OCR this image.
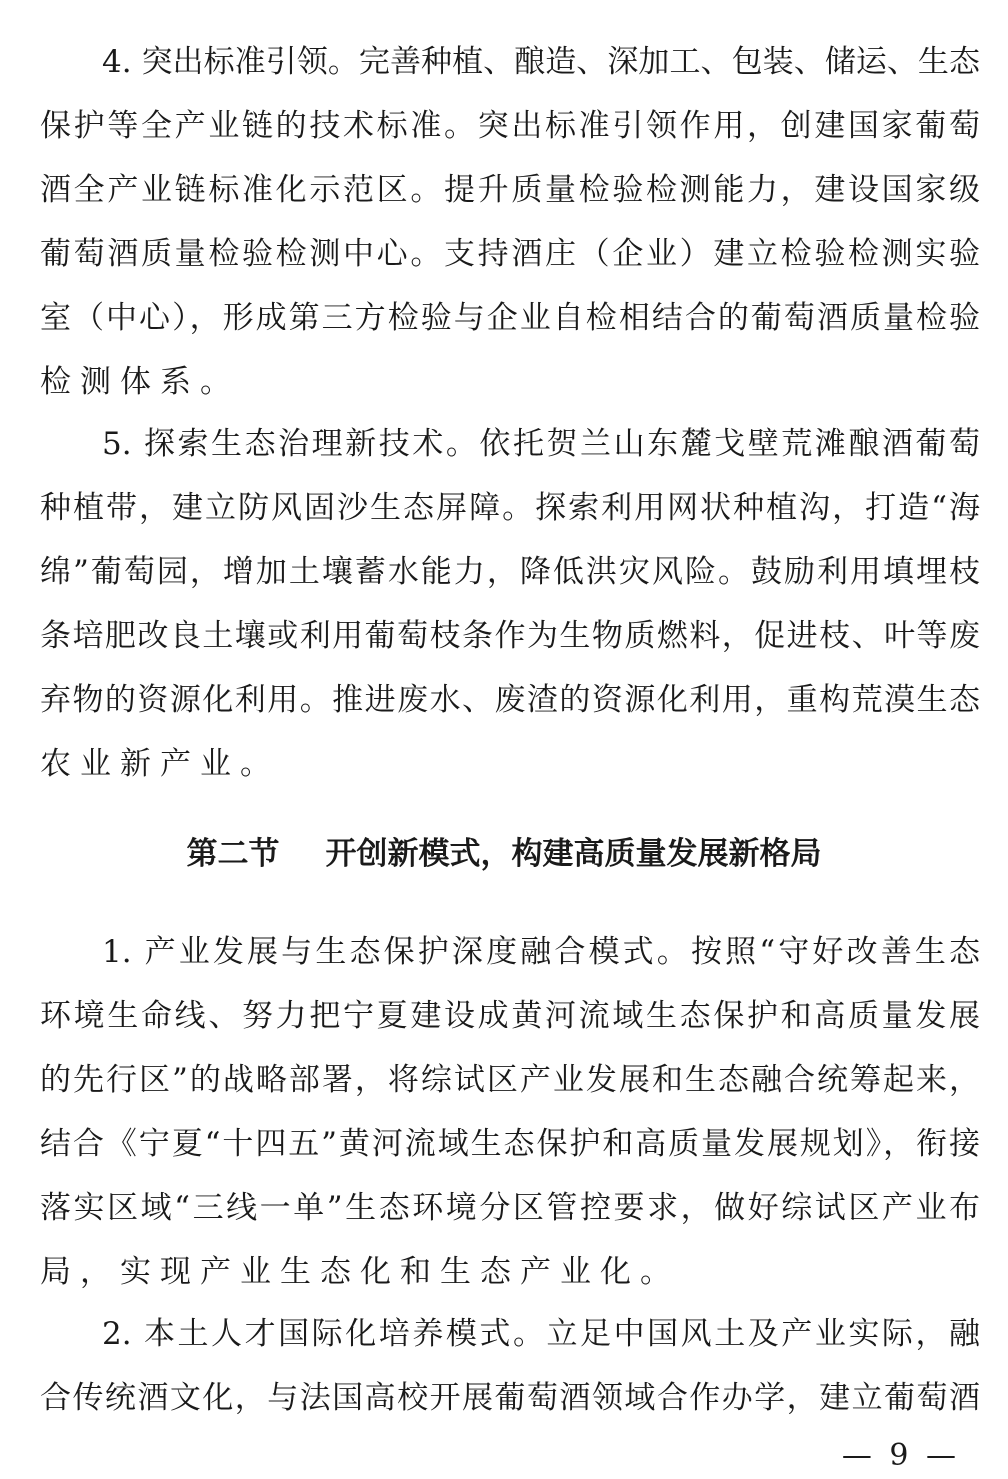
4. 突出标准引领。完善种植、酿造、深加工、包装、储运、生态
保护等全产业链的技术标准。突出标准引领作用，创建国家葡萄
酒全产业链标准化示范区。提升质量检验检测能力，建设国家级
葡萄酒质量检验检测中心。支持酒庄（企业）建立检验检测实验
室（中心），形成第三方检验与企业自检相结合的葡萄酒质量检验
检测体系。
5. 探索生态治理新技术。依托贺兰山东麓戈壁荒滩酿酒葡萄
种植带，建立防风固沙生态屏障。探索利用网状种植沟，打造“海
绵”葡萄园，增加土壤蓄水能力，降低洪灾风险。鼓励利用填埋枝
条培肥改良土壤或利用葡萄枝条作为生物质燃料，促进枝、叶等废
弃物的资源化利用。推进废水、废渣的资源化利用，重构荒漠生态
农业新产业。
第二节 开创新模式，构建高质量发展新格局
1. 产业发展与生态保护深度融合模式。按照“守好改善生态
环境生命线、努力把宁夏建设成黄河流域生态保护和高质量发展
的先行区”的战略部署，将综试区产业发展和生态融合统筹起来，
结合《宁夏“十四五”黄河流域生态保护和高质量发展规划》，衔接
落实区域“三线一单”生态环境分区管控要求，做好综试区产业布
局，实现产业生态化和生态产业化。
2. 本土人才国际化培养模式。立足中国风土及产业实际，融
合传统酒文化，与法国高校开展葡萄酒领域合作办学，建立葡萄酒
— 9 —
